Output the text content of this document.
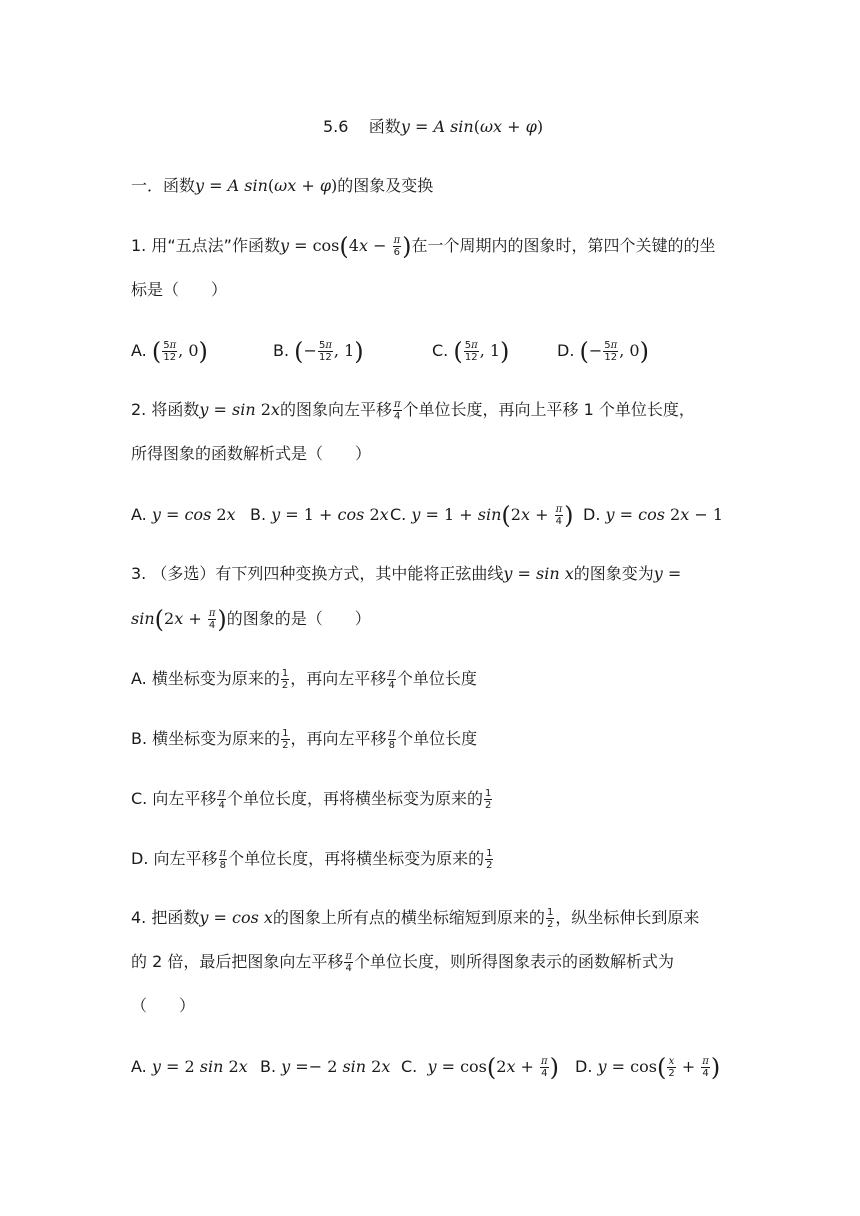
5.6 函数y = A sin(ωx + φ)
一．函数y = A sin(ωx + φ)的图象及变换
1. 用“五点法”作函数$y = \cos(4x - \frac{\pi}{6}$ )在一个周期内的图象时，第四个关键的的坐
标是（　　）
A. ( $\frac{5\pi}{12}$ , 0)	B. (− $\frac{5\pi}{12}$ , 1)	C. ( $\frac{5\pi}{12}$ , 1)	D. (− $\frac{5\pi}{12}$ , 0)
2. 将函数y = sin 2x的图象向左平移 $\frac{\pi}{4}$ 个单位长度，再向上平移 1 个单位长度，
所得图象的函数解析式是（　　）
A. y = cos 2x B. y = 1 + cos 2x C. $y = 1 + \sin(2x + \frac{\pi}{4}$ ) D. y = cos 2x − 1
3. （多选）有下列四种变换方式，其中能将正弦曲线y = sin x的图象变为y =
$\sin(2x + \frac{\pi}{4}$ )的图象的是（　　）
A. 横坐标变为原来的 $\frac{1}{2}$ ，再向左平移 $\frac{\pi}{4}$ 个单位长度
B. 横坐标变为原来的 $\frac{1}{2}$ ，再向左平移 $\frac{\pi}{8}$ 个单位长度
C. 向左平移 $\frac{\pi}{4}$ 个单位长度，再将横坐标变为原来的 $\frac{1}{2}$
D. 向左平移 $\frac{\pi}{8}$ 个单位长度，再将横坐标变为原来的 $\frac{1}{2}$
4. 把函数y = cos x的图象上所有点的横坐标缩短到原来的 $\frac{1}{2}$ ，纵坐标伸长到原来
的 2 倍，最后把图象向左平移 $\frac{\pi}{4}$ 个单位长度，则所得图象表示的函数解析式为
（　　）
A. y = 2 sin 2x B. y =− 2 sin 2x C. $y = \cos(2x + \frac{\pi}{4}$ ) D. $y = \cos( \frac{x}{2} + \frac{\pi}{4}$ )
